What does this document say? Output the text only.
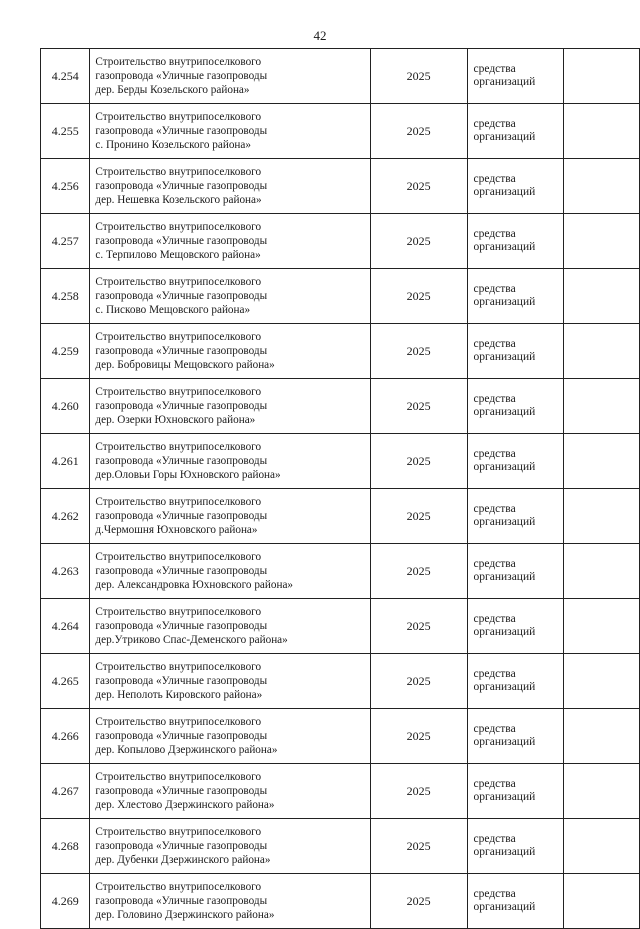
42
4.254	Строительство внутрипоселкового
газопровода «Уличные газопроводы
дер. Берды Козельского района»	2025	средства
организаций	

4.255	Строительство внутрипоселкового
газопровода «Уличные газопроводы
с. Пронино Козельского района»	2025	средства
организаций	

4.256	Строительство внутрипоселкового
газопровода «Уличные газопроводы
дер. Нешевка Козельского района»	2025	средства
организаций	

4.257	Строительство внутрипоселкового
газопровода «Уличные газопроводы
с. Терпилово Мещовского района»	2025	средства
организаций	

4.258	Строительство внутрипоселкового
газопровода «Уличные газопроводы
с. Писково Мещовского района»	2025	средства
организаций	

4.259	Строительство внутрипоселкового
газопровода «Уличные газопроводы
дер. Бобровицы Мещовского района»	2025	средства
организаций	

4.260	Строительство внутрипоселкового
газопровода «Уличные газопроводы
дер. Озерки Юхновского района»	2025	средства
организаций	

4.261	Строительство внутрипоселкового
газопровода «Уличные газопроводы
дер.Оловьи Горы Юхновского района»	2025	средства
организаций	

4.262	Строительство внутрипоселкового
газопровода «Уличные газопроводы
д.Чермошня Юхновского района»	2025	средства
организаций	

4.263	Строительство внутрипоселкового
газопровода «Уличные газопроводы
дер. Александровка Юхновского района»	2025	средства
организаций	

4.264	Строительство внутрипоселкового
газопровода «Уличные газопроводы
дер.Утриково Спас-Деменского района»	2025	средства
организаций	

4.265	Строительство внутрипоселкового
газопровода «Уличные газопроводы
дер. Неполоть Кировского района»	2025	средства
организаций	

4.266	Строительство внутрипоселкового
газопровода «Уличные газопроводы
дер. Копылово Дзержинского района»	2025	средства
организаций	

4.267	Строительство внутрипоселкового
газопровода «Уличные газопроводы
дер. Хлестово Дзержинского района»	2025	средства
организаций	

4.268	Строительство внутрипоселкового
газопровода «Уличные газопроводы
дер. Дубенки Дзержинского района»	2025	средства
организаций	

4.269	Строительство внутрипоселкового
газопровода «Уличные газопроводы
дер. Головино Дзержинского района»	2025	средства
организаций	
